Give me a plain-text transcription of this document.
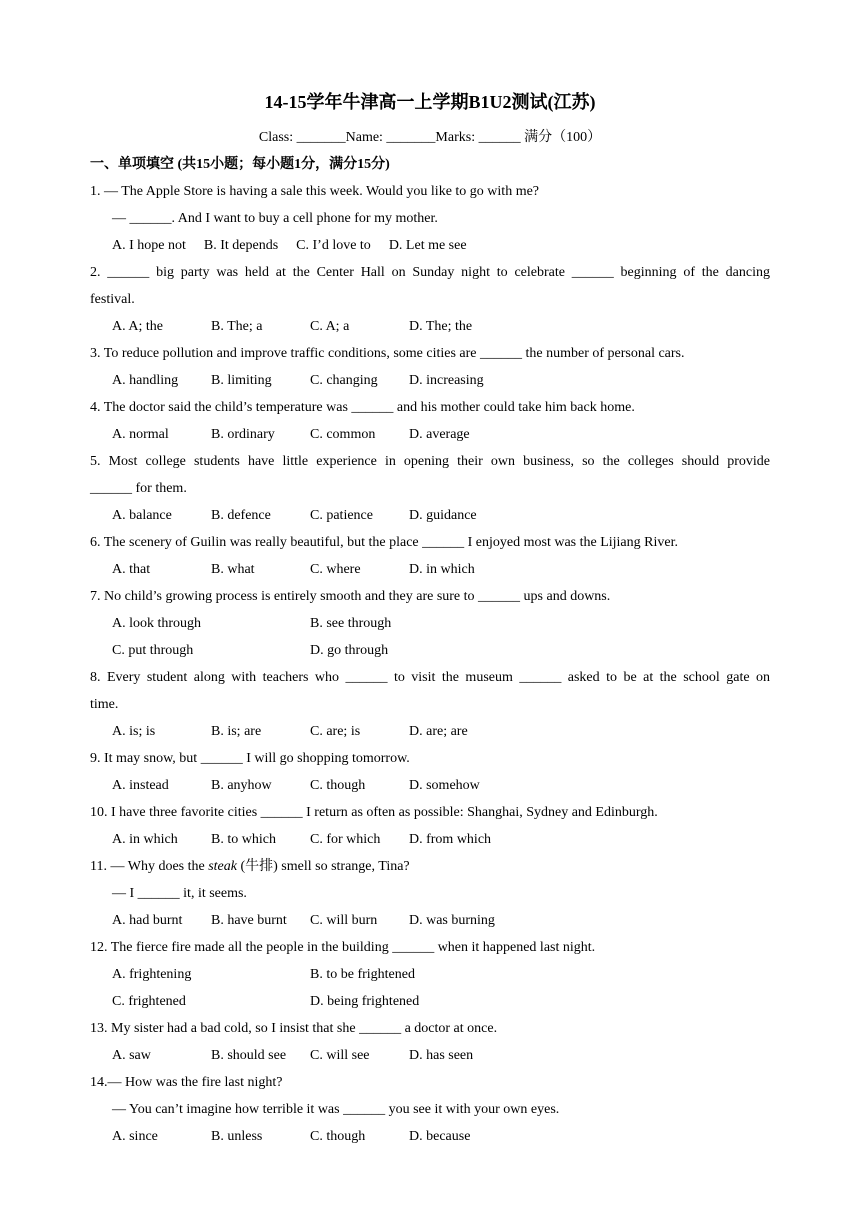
14-15学年牛津高一上学期B1U2测试(江苏)
Class: _______Name: _______Marks: ______ 满分（100）
一、单项填空 (共15小题；每小题1分，满分15分)
1. — The Apple Store is having a sale this week. Would you like to go with me?
— ______. And I want to buy a cell phone for my mother.
A. I hope not B. It depends C. I’d love to D. Let me see
2. ______ big party was held at the Center Hall on Sunday night to celebrate ______ beginning of the dancing
festival.
A. A; the	B. The; a	C. A; a	D. The; the
3. To reduce pollution and improve traffic conditions, some cities are ______ the number of personal cars.
A. handling B. limiting	C. changing D. increasing
4. The doctor said the child’s temperature was ______ and his mother could take him back home.
A. normal	B. ordinary	C. common D. average
5. Most college students have little experience in opening their own business, so the colleges should provide
______ for them.
A. balance	B. defence	C. patience	D. guidance
6. The scenery of Guilin was really beautiful, but the place ______ I enjoyed most was the Lijiang River.
A. that	B. what	C. where	D. in which
7. No child’s growing process is entirely smooth and they are sure to ______ ups and downs.
A. look through	B. see through
C. put through	D. go through
8. Every student along with teachers who ______ to visit the museum ______ asked to be at the school gate on
time.
A. is; is	B. is; are	C. are; is	D. are; are
9. It may snow, but ______ I will go shopping tomorrow.
A. instead	B. anyhow	C. though	D. somehow
10. I have three favorite cities ______ I return as often as possible: Shanghai, Sydney and Edinburgh.
A. in which B. to which C. for which D. from which
11. — Why does the steak (牛排) smell so strange, Tina?
— I ______ it, it seems.
A. had burnt B. have burnt C. will burn D. was burning
12. The fierce fire made all the people in the building ______ when it happened last night.
A. frightening	B. to be frightened
C. frightened	D. being frightened
13. My sister had a bad cold, so I insist that she ______ a doctor at once.
A. saw	B. should see C. will see	D. has seen
14.— How was the fire last night?
— You can’t imagine how terrible it was ______ you see it with your own eyes.
A. since	B. unless	C. though	D. because
